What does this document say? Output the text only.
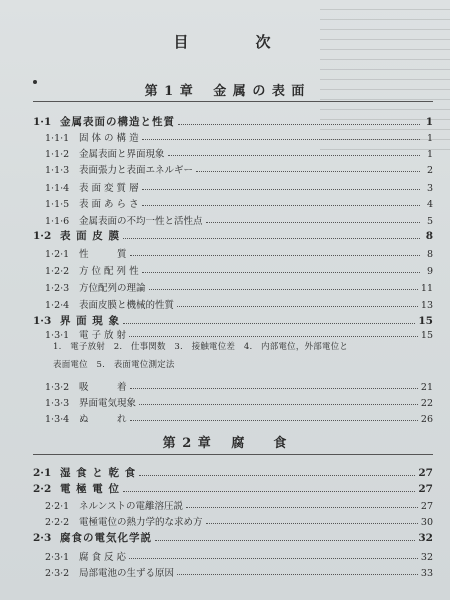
目　次
第 1 章 金 属 の 表 面
1·1 金属表面の構造と性質	1
1·1·1	固 体 の 構 造	1
1·1·2	金属表面と界面現象	1
1·1·3	表面張力と表面エネルギー	2
1·1·4	表 面 変 質 層	3
1·1·5	表 面 あ ら さ	4
1·1·6	金属表面の不均一性と活性点	5
1·2 表 面 皮 膜	8
1·2·1	性　　　質	8
1·2·2	方 位 配 列 性	9
1·2·3	方位配列の理論	11
1·2·4	表面皮膜と機械的性質	13
1·3 界 面 現 象	15
1·3·1	電 子 放 射	15
1·3·2	吸　　　着	21
1·3·3	界面電気現象	22
1·3·4	ぬ　　　れ	26
1.　電子放射　2.　仕事関数　3.　接触電位差　4.　内部電位，外部電位と
表面電位　5.　表面電位測定法
第 2 章 腐　　食
2·1 湿 食 と 乾 食	27
2·2 電 極 電 位	27
2·2·1	ネルンストの電離溶圧説	27
2·2·2	電極電位の熱力学的な求め方	30
2·3 腐食の電気化学説	32
2·3·1	腐 食 反 応	32
2·3·2	局部電池の生ずる原因	33
